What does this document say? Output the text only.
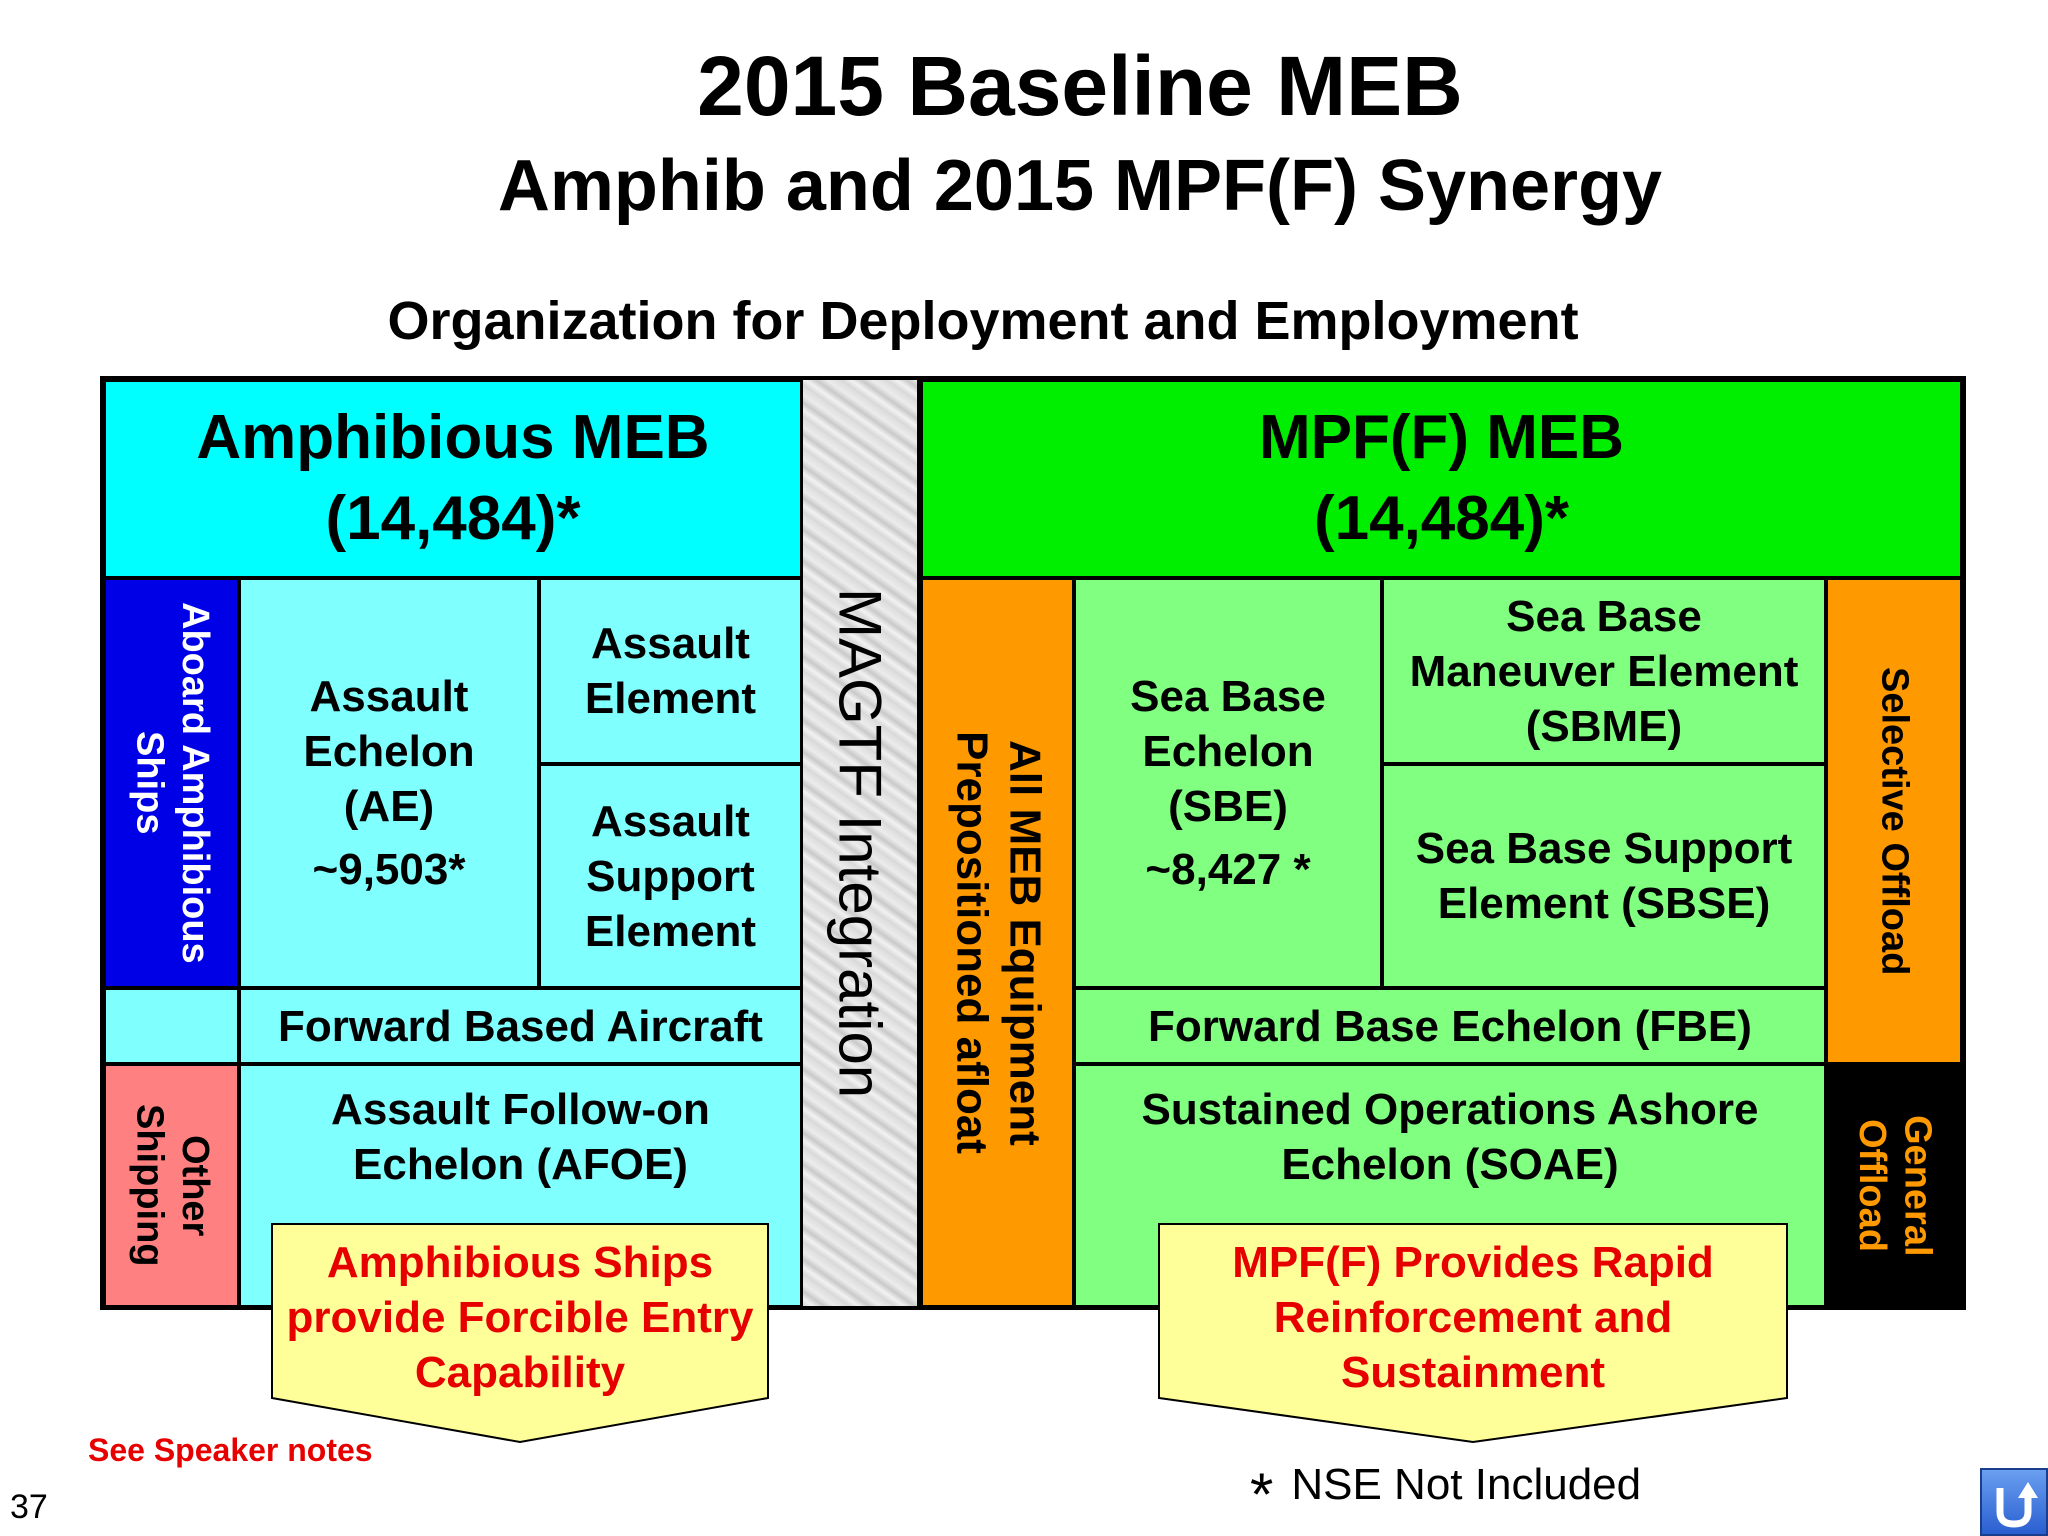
2015 Baseline MEB
Amphib and 2015 MPF(F) Synergy
Organization for Deployment and Employment
Amphibious MEB
(14,484)*
Aboard Amphibious Ships
Other Shipping
Assault
Echelon
(AE)
~9,503*
Assault Element
Assault Support Element
Forward Based Aircraft
Assault Follow-on Echelon (AFOE)
MAGTF Integration
MPF(F) MEB
(14,484)*
All MEB Equipment Prepositioned afloat
Sea Base
Echelon
(SBE)
~8,427 *
Sea Base Maneuver Element (SBME)
Sea Base Support Element (SBSE)
Forward Base Echelon (FBE)
Sustained Operations Ashore Echelon (SOAE)
Selective Offload
General Offload
Amphibious Ships provide Forcible Entry Capability
MPF(F) Provides Rapid Reinforcement and Sustainment
See Speaker notes
* NSE Not Included
37
